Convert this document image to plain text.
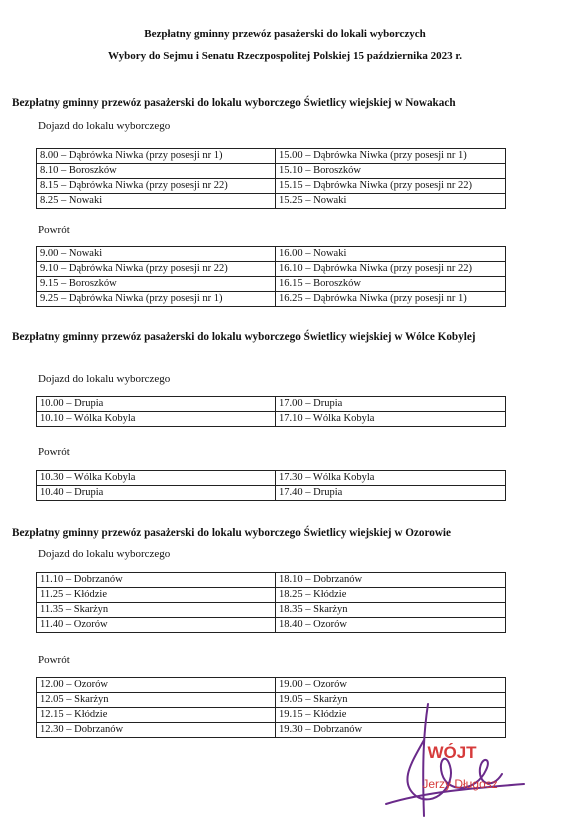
Bezpłatny gminny przewóz pasażerski do lokali wyborczych
Wybory do Sejmu i Senatu Rzeczpospolitej Polskiej 15 października 2023 r.
Bezpłatny gminny przewóz pasażerski do lokalu wyborczego Świetlicy wiejskiej w Nowakach
Dojazd do lokalu wyborczego
8.00 – Dąbrówka Niwka (przy posesji nr 1)	15.00 – Dąbrówka Niwka (przy posesji nr 1)
8.10 – Boroszków	15.10 – Boroszków
8.15 – Dąbrówka Niwka (przy posesji nr 22)	15.15 – Dąbrówka Niwka (przy posesji nr 22)
8.25 – Nowaki	15.25 – Nowaki
Powrót
9.00 – Nowaki	16.00 – Nowaki
9.10 – Dąbrówka Niwka (przy posesji nr 22)	16.10 – Dąbrówka Niwka (przy posesji nr 22)
9.15 – Boroszków	16.15 – Boroszków
9.25 – Dąbrówka Niwka (przy posesji nr 1)	16.25 – Dąbrówka Niwka (przy posesji nr 1)
Bezpłatny gminny przewóz pasażerski do lokalu wyborczego Świetlicy wiejskiej w Wólce Kobylej
Dojazd do lokalu wyborczego
10.00 – Drupia	17.00 – Drupia
10.10 – Wólka Kobyla	17.10 – Wólka Kobyla
Powrót
10.30 – Wólka Kobyla	17.30 – Wólka Kobyla
10.40 – Drupia	17.40 – Drupia
Bezpłatny gminny przewóz pasażerski do lokalu wyborczego Świetlicy wiejskiej w Ozorowie
Dojazd do lokalu wyborczego
11.10 – Dobrzanów	18.10 – Dobrzanów
11.25 – Kłódzie	18.25 – Kłódzie
11.35 – Skarżyn	18.35 – Skarżyn
11.40 – Ozorów	18.40 – Ozorów
Powrót
12.00 – Ozorów	19.00 – Ozorów
12.05 – Skarżyn	19.05 – Skarżyn
12.15 – Kłódzie	19.15 – Kłódzie
12.30 – Dobrzanów	19.30 – Dobrzanów
WÓJT
Jerzy Długosz
